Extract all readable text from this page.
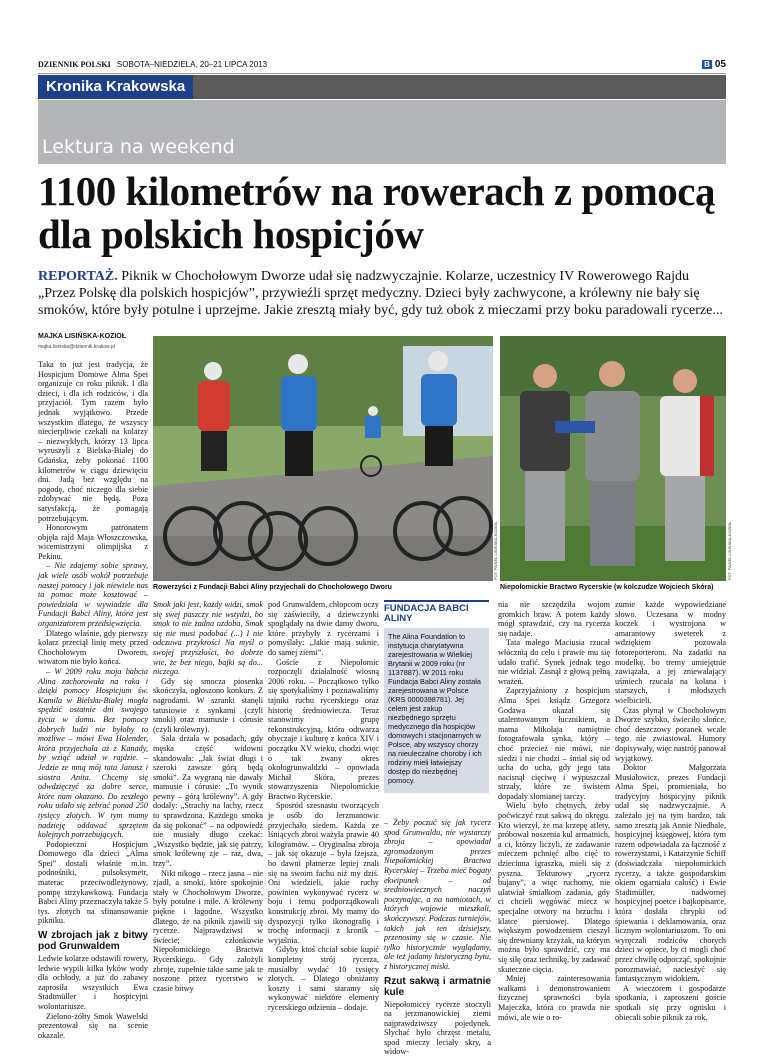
DZIENNIK POLSKI SOBOTA–NIEDZIELA, 20–21 LIPCA 2013	B 05
Kronika Krakowska
Lektura na weekend
1100 kilometrów na rowerach z pomocą dla polskich hospicjów
REPORTAŻ. Piknik w Chochołowym Dworze udał się nadzwyczajnie. Kolarze, uczestnicy IV Rowerowego Rajdu „Przez Polskę dla polskich hospicjów”, przywieźli sprzęt medyczny. Dzieci były zachwycone, a królewny nie bały się smoków, które były potulne i uprzejme. Jakie zresztą miały być, gdy tuż obok z mieczami przy boku paradowali rycerze...
MAJKA LISIŃSKA-KOZIOŁ
majka.lisinska@dziennik.krakow.pl

Taka to już jest tradycja, że Hospicjum Domowe Alma Spei organizuje co roku piknik. I dla dzieci, i dla ich rodziców, i dla przyjaciół. Tym razem było jednak wyjątkowo. Przede wszystkim dlatego, że wszyscy niecierpliwie czekali na kolarzy – niezwykłych, którzy 13 lipca wyruszyli z Bielska-Białej do Gdańska, żeby pokonać 1100 kilometrów w ciągu dziewięciu dni. Jadą bez względu na pogodę, choć niczego dla siebie zdobywać nie będą. Poza satysfakcją, że pomagają potrzebującym.

Honorowym patronatem objęła rajd Maja Włoszczowska, wicemistrzyni olimpijska z Pekinu.

– Nie zdajemy sobie sprawy, jak wiele osób wokół potrzebuje naszej pomocy i jak niewiele nas ta pomoc może kosztować – powiedziała w wywiadzie dla Fundacji Babci Aliny, która jest organizatorem przedsięwzięcia.

Dlatego właśnie, gdy pierwszy kolarz przeciął linię mety przed Chochołowym Dworem, wiwatom nie było końca.

– W 2009 roku moja babcia Alina zachorowała na raka i dzięki pomocy Hospicjum św. Kamila w Bielsku-Białej mogła spędzić ostatnie dni swojego życia w domu. Bez pomocy dobrych ludzi nie byłoby to możliwe – mówi Ewa Holender, która przyjechała aż z Kanady, by wziąć udział w rajdzie. – Jedzie ze mną mój tata Janusz i siostra Anita. Chcemy się odwdzięczyć za dobre serce, które nam okazano. Do zeszłego roku udało się zebrać ponad 250 tysięcy złotych. W tym mamy nadzieję oddawać sprzętem kolejnych potrzebujących.

Podopieczni Hospicjum Domowego dla dzieci „Alma Spei” dostali właśnie m.in. podnośniki, pulsoksymetr, materac przeciwodleżynowy, pompę strzykawkową. Fundacja Babci Aliny przeznaczyła także 5 tys. złotych na sfinansowanie pikniku.

W zbrojach jak z bitwy pod Grunwaldem

Ledwie kolarze odstawili rowery, ledwie wypili kilka łyków wody dla ochłody, a już do zabawy zaprosiła wszystkich Ewa Stadtmüller i hospicyjni wolontariusze.

Zielono-żółty Smok Wawelski prezentował się na scenie okazale.

FOT. PAWEŁ LISIŃSKA-KOZIOŁ
Rowerzyści z Fundacji Babci Aliny przyjechali do Chochołowego Dworu
FOT. PAWEŁ LISIŃSKA-KOZIOŁ
Niepołomickie Bractwo Rycerskie (w kolczudze Wojciech Skóra)

Smok jaki jest, każdy widzi, smok się swej paszczy nie wstydzi, bo smok to nie żadna ozdoba, Smok się nie musi podobać (...) I nie odczuwa przykrości Na myśl o swojej przyszłości, bo dobrze wie, że bez niego, bajki są do... niczego.

Gdy się smocza piosenka skończyła, ogłoszono konkurs. Z nagrodami. W szranki stanęli tatusiowie z synkami (czyli smoki) oraz mamusie i córusie (czyli królewny).

Sala drżała w posadach, gdy męska część widowni skandowała: „Jak świat długi i szeroki zawsze górą będą smoki”. Za wygraną nie dawały mamusie i córusie: „To wynik pewny – górą królewny”. A gdy dodały: „Strachy na lachy, rzecz to sprawdzona. Każdego smoka da się pokonać” – na odpowiedź nie musiały długo czekać: „Wszystko będzie, jak się patrzy, smok królewnę zje – raz, dwa, trzy”.

Nikt nikogo – rzecz jasna – nie zjadł, a smoki, które spokojnie stały w Chochołowym Dworze, były potulne i miłe. A królewny piękne i łagodne. Wszystko dlatego, że na piknik zjawili się rycerze. Najprawdziwsi w świecie; członkowie Niepołomickiego Bractwa Rycerskiego. Gdy założyli zbroje, zupełnie takie same jak te noszone przez rycerstwo w czasie bitwy

pod Grunwaldem, chłopcom oczy się zaświeciły, a dziewczynki spoglądały na dwie damy dworu, które przybyły z rycerzami i pomyślały: „Jakie mają suknie, do samej ziemi”.

Goście z Niepołomic rozpoczęli działalność wiosną 2006 roku. – Początkowo tylko się spotykaliśmy i poznawaliśmy tajniki ruchu rycerskiego oraz historię średniowiecza. Teraz stanowimy grupę rekonstrukcyjną, która odtwarza obyczaje i kulturę z końca XIV i początku XV wieku, chodzi więc o tak zwany okres okołogrunwaldzki – opowiada Michał Skóra, prezes stowarzyszenia Niepołomickie Bractwo Rycerskie.

Sposród szesnastu tworzących je osób do Jerzmanowic przyjechało siedem. Każda ze lśniących zbroi ważyła prawie 40 kilogramów. – Oryginalna zbroja – jak się okazuje – była lżejsza, bo dawni płatnerze lepiej znali się na swoim fachu niż my dziś. Oni wiedzieli, jakie ruchy powinien wykonywać rycerz w boju i temu podporządkowali konstrukcję zbroi. My mamy do dyspozycji tylko ikonografię i trochę informacji z kronik – wyjaśnia.

Gdyby ktoś chciał sobie kupić kompletny strój rycerza, musiałby wydać 10 tysięcy złotych. – Dlatego obniżamy koszty i sami staramy się wykonywać niektóre elementy rycerskiego odzienia – dodaje.

FUNDACJA BABCI ALINY

The Alina Foundation to instytucja charytatywna zarejestrowana w Wielkiej Brytanii w 2009 roku (nr 1137887). W 2011 roku Fundacja Babci Aliny została zarejestrowana w Polsce (KRS 0000398781). Jej celem jest zakup niezbędnego sprzętu medycznego dla hospicjów domowych i stacjonarnych w Polsce, aby wszyscy chorzy na nieuleczalne choroby i ich rodziny mieli łatwiejszy dostęp do niezbędnej pomocy.

– Żeby poczuć się jak rycerz spod Grunwaldu, nie wystarczy zbroja – opowiadał zgromadzonym prezes Niepołomickiej Bractwa Rycerskiej – Trzeba mieć bogaty ekwipunek – od średniowiecznych naczyń poczynając, a na namiotach, w których wojowie mieszkali, skończywszy. Podczas turniejów, takich jak ten dzisiejszy, przenosimy się w czasie. Nie tylko historycznie wyglądamy, ale też jadamy historyczną bytu, z historycznej miski.

Rzut sakwą i armatnie kule

Niepołomiccy rycerze stoczyli na jerzmanowickiej ziemi najprawdziwszy pojedynek. Słychać było chrzęst metalu, spod mieczy leciały skry, a widow-

nia nie szczędziła wojom gromkich braw. A potem każdy mógł sprawdzić, czy na rycerza się nadaje.

Tata małego Maciusia rzucał włócznią do celu i prawie mu się udało trafić. Synek jednak tego nie widział. Zasnął z głową pełną wrażeń.

Zaprzyjaźniony z hospicjum Alma Spei ksiądz Grzegorz Godawa okazał się utalentowanym łucznikiem, a mama Mikołaja namiętnie fotografowała synka, który – choć przecież nie mówi, nie siedzi i nie chodzi – śmiał się od ucha do ucha, gdy jego tata nacisnął cięciwę i wypuszczał strzały, które ze świstem dopadały słomianej tarczy.

Wielu było chętnych, żeby poćwiczyć rzut sakwą do okręgu. Kto wierzył, że ma krzepę atlety, próbował noszenia kul armatnich, a ci, którzy liczyli, że zadawanie mieczem pchnięć albo cięć to dziecinna igraszka, mieli się z pyszna. Tekturowy „rycerz bujany”, a więc ruchomy, nie ulatwiał śmiałkom zadania, gdy ci chcieli węgówać miecz w specjalne otwory na brzuchu i klatce piersiowej. Dlatego większym powodzeniem cieszył się drewniany krzyżak, na którym można było sprawdzić, czy ma się siłę oraz technikę, by zadawać skuteczne cięcia.

Mniej zainteresowania wałkami i demonstrowaniem fizycznej sprawności była Majeczka, która co prawda nie mówi, ale wie o ro-

zumie każde wypowiedziane słowo. Uczesana w modny koczek i wystrojona w amarantowy sweterek z wdziękiem pozowała fotoreporterom. Na zadatki na modelkę, bo tremy umiejętnie zawiązała, a jej zniewalający uśmiech rzucała na kolana i starszych, i młodszych wielbicieli.

Czas płynął w Chochołowym Dworze szybko, świeciło słońce, choć deszczowy poranek wcale tego nie zwiastował. Humory dopisywały, więc nastrój panował wyjątkowy.

Doktor Małgorzata Musiałowicz, prezes Fundacji Alma Spei, promieniała, bo tradycyjny hospicyjny piknik udał się nadzwyczajnie. A zależało jej na tym bardzo, tak samo zresztą jak Annie Niedbale, hospicyjnej księgowej, która tym razem odpowiadała za łączność z rowerzystami, i Katarzynie Schiff (doświadczała niepołomickich rycerzy, a także gospodarskim okiem ogarniała całość) i Ewie Stadtmüller, nadwornej hospicyjnej poetce i bajkopisarce, która dosłała chrypki od śpiewania i deklamowania, oraz licznym wolontariuszom. To oni wyręczali rodziców chorych dzieci w opiece, by ci mogli choć przez chwilę odpocząć, spokojnie porozmawiać, naciesżyć się fantastycznym widokiem.

A wieczorem i gospodarze spotkania, i zaproszeni goście spotkali się przy ognisku i obiecali sobie piknik za rok.
